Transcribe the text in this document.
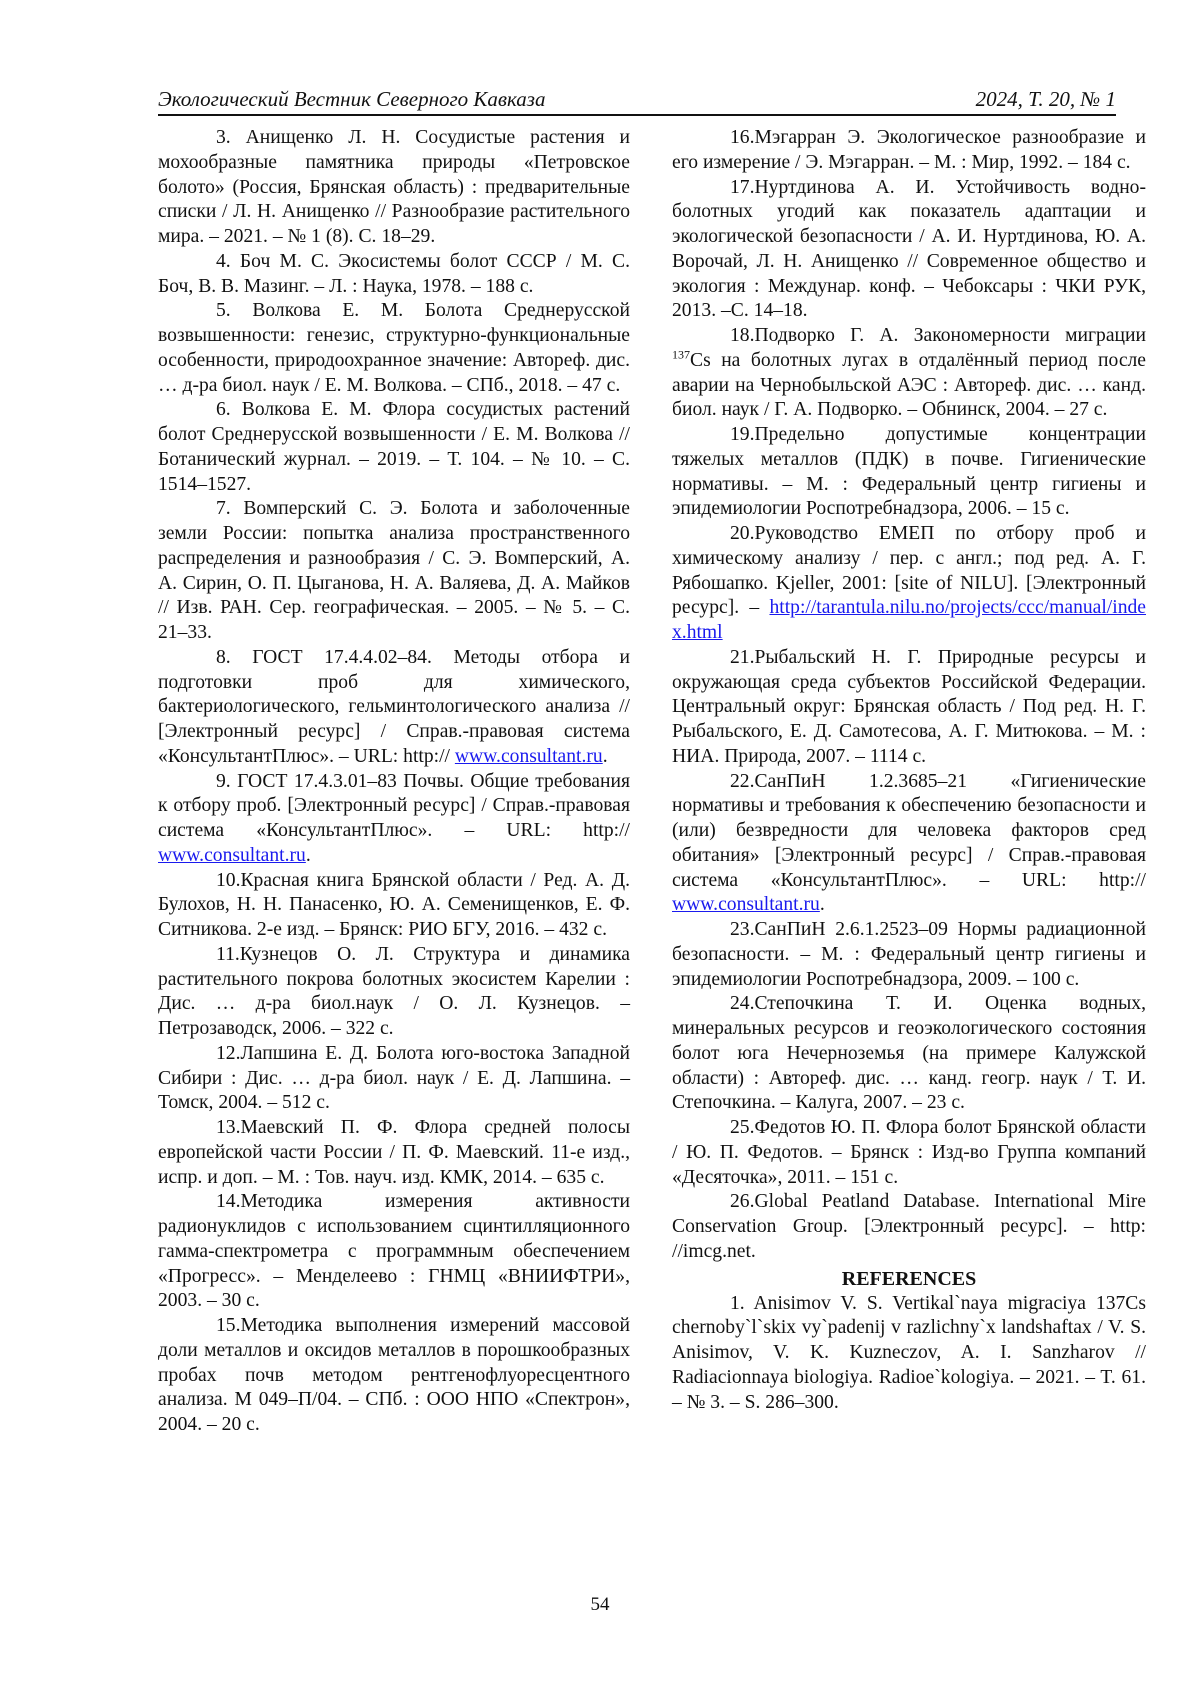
Экологический Вестник Северного Кавказа	2024, Т. 20, № 1

3. Анищенко Л. Н. Сосудистые растения и мохообразные памятника природы «Петровское болото» (Россия, Брянская область) : предварительные списки / Л. Н. Анищенко // Разнообразие растительного мира. – 2021. – № 1 (8). С. 18–29.

4. Боч М. С. Экосистемы болот СССР / М. С. Боч, В. В. Мазинг. – Л. : Наука, 1978. – 188 с.

5. Волкова Е. М. Болота Среднерусской возвышенности: генезис, структурно-функциональные особенности, природоохранное значение: Автореф. дис. … д-ра биол. наук / Е. М. Волкова. – СПб., 2018. – 47 с.

6. Волкова Е. М. Флора сосудистых растений болот Среднерусской возвышенности / Е. М. Волкова // Ботанический журнал. – 2019. – Т. 104. – № 10. – С. 1514–1527.

7. Вомперский С. Э. Болота и заболоченные земли России: попытка анализа пространственного распределения и разнообразия / С. Э. Вомперский, А. А. Сирин, О. П. Цыганова, Н. А. Валяева, Д. А. Майков // Изв. РАН. Сер. географическая. – 2005. – № 5. – С. 21–33.

8. ГОСТ 17.4.4.02–84. Методы отбора и подготовки проб для химического, бактериологического, гельминтологического анализа // [Электронный ресурс] / Справ.-правовая система «КонсультантПлюс». – URL: http:// www.consultant.ru.

9. ГОСТ 17.4.3.01–83 Почвы. Общие требования к отбору проб. [Электронный ресурс] / Справ.-правовая система «КонсультантПлюс». – URL: http:// www.consultant.ru.

10.Красная книга Брянской области / Ред. А. Д. Булохов, Н. Н. Панасенко, Ю. А. Семенищенков, Е. Ф. Ситникова. 2-е изд. – Брянск: РИО БГУ, 2016. – 432 с.

11.Кузнецов О. Л. Структура и динамика растительного покрова болотных экосистем Карелии : Дис. … д-ра биол.наук / О. Л. Кузнецов. – Петрозаводск, 2006. – 322 с.

12.Лапшина Е. Д. Болота юго-востока Западной Сибири : Дис. … д-ра биол. наук / Е. Д. Лапшина. – Томск, 2004. – 512 с.

13.Маевский П. Ф. Флора средней полосы европейской части России / П. Ф. Маевский. 11-е изд., испр. и доп. – М. : Тов. науч. изд. КМК, 2014. – 635 с.

14.Методика измерения активности радионуклидов с использованием сцинтилляционного гамма-спектрометра с программным обеспечением «Прогресс». – Менделеево : ГНМЦ «ВНИИФТРИ», 2003. – 30 с.

15.Методика выполнения измерений массовой доли металлов и оксидов металлов в порошкообразных пробах почв методом рентгенофлуоресцентного анализа. М 049–П/04. – СПб. : ООО НПО «Спектрон», 2004. – 20 с.

16.Мэгарран Э. Экологическое разнообразие и его измерение / Э. Мэгарран. – М. : Мир, 1992. – 184 с.

17.Нуртдинова А. И. Устойчивость водно-болотных угодий как показатель адаптации и экологической безопасности / А. И. Нуртдинова, Ю. А. Ворочай, Л. Н. Анищенко // Современное общество и экология : Междунар. конф. – Чебоксары : ЧКИ РУК, 2013. –С. 14–18.

18.Подворко Г. А. Закономерности миграции $^{137}$Cs на болотных лугах в отдалённый период после аварии на Чернобыльской АЭС : Автореф. дис. … канд. биол. наук / Г. А. Подворко. – Обнинск, 2004. – 27 с.

19.Предельно допустимые концентрации тяжелых металлов (ПДК) в почве. Гигиенические нормативы. – М. : Федеральный центр гигиены и эпидемиологии Роспотребнадзора, 2006. – 15 с.

20.Руководство ЕМЕП по отбору проб и химическому анализу / пер. с англ.; под ред. А. Г. Рябошапко. Kjeller, 2001: [site of NILU]. [Электронный ресурс]. – http://tarantula.nilu.no/projects/ccc/manual/index.html

21.Рыбальский Н. Г. Природные ресурсы и окружающая среда субъектов Российской Федерации. Центральный округ: Брянская область / Под ред. Н. Г. Рыбальского, Е. Д. Самотесова, А. Г. Митюкова. – М. : НИА. Природа, 2007. – 1114 с.

22.СанПиН 1.2.3685–21 «Гигиенические нормативы и требования к обеспечению безопасности и (или) безвредности для человека факторов сред обитания» [Электронный ресурс] / Справ.-правовая система «КонсультантПлюс». – URL: http:// www.consultant.ru.

23.СанПиН 2.6.1.2523–09 Нормы радиационной безопасности. – М. : Федеральный центр гигиены и эпидемиологии Роспотребнадзора, 2009. – 100 с.

24.Степочкина Т. И. Оценка водных, минеральных ресурсов и геоэкологического состояния болот юга Нечерноземья (на примере Калужской области) : Автореф. дис. … канд. геогр. наук / Т. И. Степочкина. – Калуга, 2007. – 23 с.

25.Федотов Ю. П. Флора болот Брянской области / Ю. П. Федотов. – Брянск : Изд-во Группа компаний «Десяточка», 2011. – 151 с.

26.Global Peatland Database. International Mire Conservation Group. [Электронный ресурс]. – http: //imcg.net.

REFERENCES

1. Anisimov V. S. Vertikal`naya migraciya 137Cs chernoby`l`skix vy`padenij v razlichny`x landshaftax / V. S. Anisimov, V. K. Kuzneczov, A. I. Sanzharov // Radiacionnaya biologiya. Radioe`kologiya. – 2021. – T. 61. – № 3. – S. 286–300.

54
